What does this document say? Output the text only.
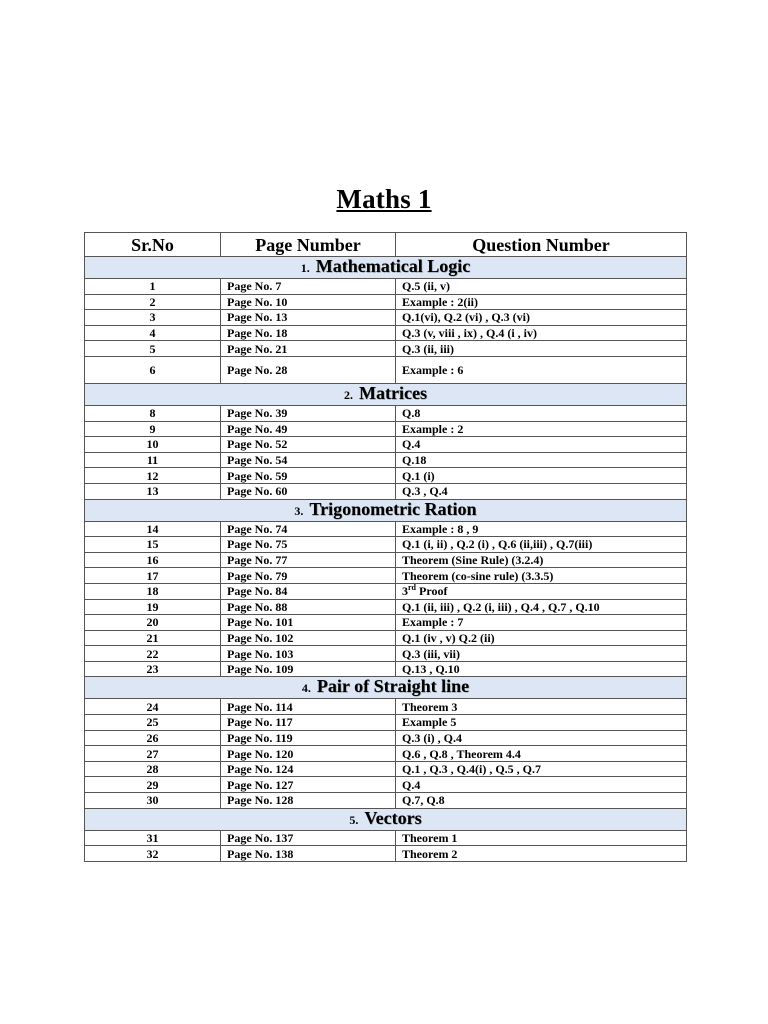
Maths 1
Sr.No	Page Number	Question Number
1. Mathematical Logic		
1	Page No. 7	Q.5 (ii, v)
2	Page No. 10	Example : 2(ii)
3	Page No. 13	Q.1(vi), Q.2 (vi) , Q.3 (vi)
4	Page No. 18	Q.3 (v, viii , ix) , Q.4 (i , iv)
5	Page No. 21	Q.3 (ii, iii)
6	Page No. 28	Example : 6
2. Matrices		
8	Page No. 39	Q.8
9	Page No. 49	Example : 2
10	Page No. 52	Q.4
11	Page No. 54	Q.18
12	Page No. 59	Q.1 (i)
13	Page No. 60	Q.3 , Q.4
3. Trigonometric Ration		
14	Page No. 74	Example : 8 , 9
15	Page No. 75	Q.1 (i, ii) , Q.2 (i) , Q.6 (ii,iii) , Q.7(iii)
16	Page No. 77	Theorem (Sine Rule) (3.2.4)
17	Page No. 79	Theorem (co-sine rule) (3.3.5)
18	Page No. 84	3rd Proof
19	Page No. 88	Q.1 (ii, iii) , Q.2 (i, iii) , Q.4 , Q.7 , Q.10
20	Page No. 101	Example : 7
21	Page No. 102	Q.1 (iv , v) Q.2 (ii)
22	Page No. 103	Q.3 (iii, vii)
23	Page No. 109	Q.13 , Q.10
4. Pair of Straight line		
24	Page No. 114	Theorem 3
25	Page No. 117	Example 5
26	Page No. 119	Q.3 (i) , Q.4
27	Page No. 120	Q.6 , Q.8 , Theorem 4.4
28	Page No. 124	Q.1 , Q.3 , Q.4(i) , Q.5 , Q.7
29	Page No. 127	Q.4
30	Page No. 128	Q.7, Q.8
5. Vectors		
31	Page No. 137	Theorem 1
32	Page No. 138	Theorem 2
